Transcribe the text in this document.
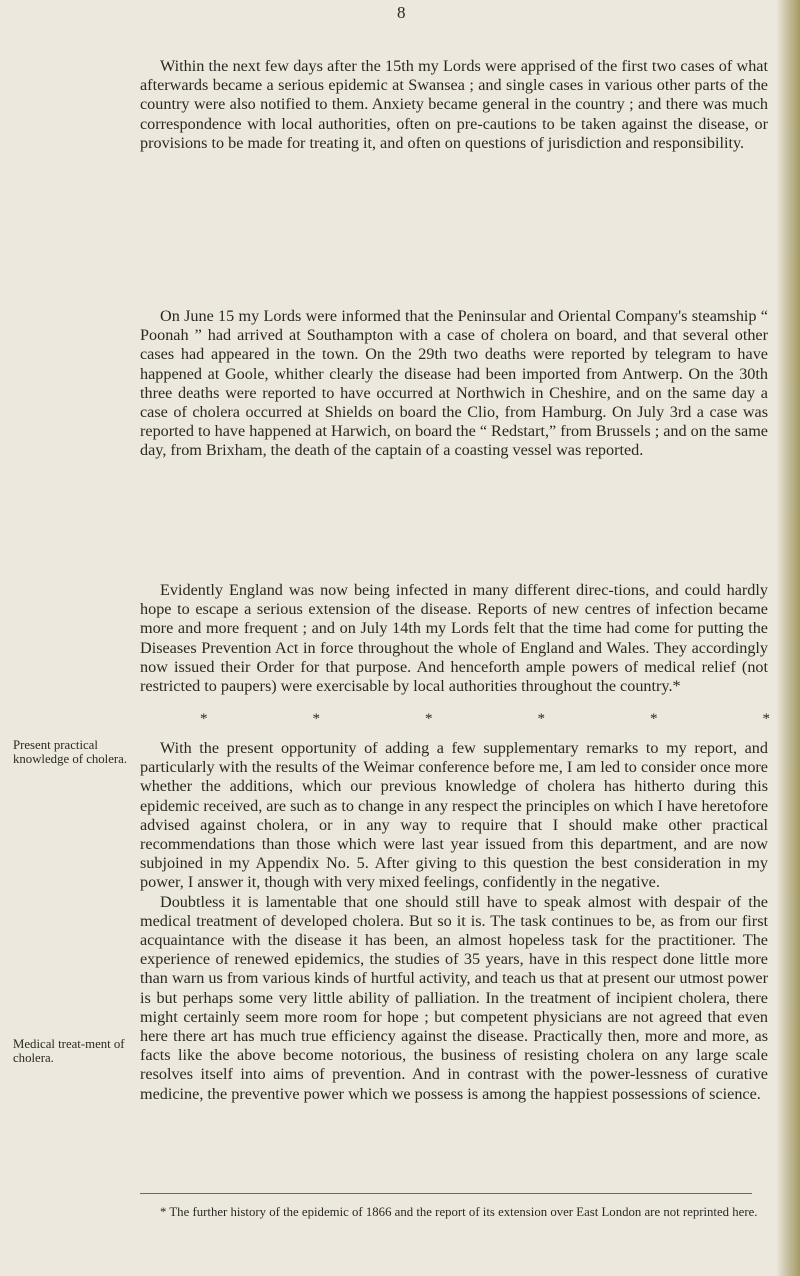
8

Within the next few days after the 15th my Lords were apprised of the first two cases of what afterwards became a serious epidemic at Swansea ; and single cases in various other parts of the country were also notified to them. Anxiety became general in the country ; and there was much correspondence with local authorities, often on pre-cautions to be taken against the disease, or provisions to be made for treating it, and often on questions of jurisdiction and responsibility.

On June 15 my Lords were informed that the Peninsular and Oriental Company's steamship “ Poonah ” had arrived at Southampton with a case of cholera on board, and that several other cases had appeared in the town. On the 29th two deaths were reported by telegram to have happened at Goole, whither clearly the disease had been imported from Antwerp. On the 30th three deaths were reported to have occurred at Northwich in Cheshire, and on the same day a case of cholera occurred at Shields on board the Clio, from Hamburg. On July 3rd a case was reported to have happened at Harwich, on board the “ Redstart,” from Brussels ; and on the same day, from Brixham, the death of the captain of a coasting vessel was reported.

Evidently England was now being infected in many different direc-tions, and could hardly hope to escape a serious extension of the disease. Reports of new centres of infection became more and more frequent ; and on July 14th my Lords felt that the time had come for putting the Diseases Prevention Act in force throughout the whole of England and Wales. They accordingly now issued their Order for that purpose. And henceforth ample powers of medical relief (not restricted to paupers) were exercisable by local authorities throughout the country.*

*	*	*	*	*	*
Present practical knowledge of cholera.
Medical treat-ment of cholera.

With the present opportunity of adding a few supplementary remarks to my report, and particularly with the results of the Weimar conference before me, I am led to consider once more whether the additions, which our previous knowledge of cholera has hitherto during this epidemic received, are such as to change in any respect the principles on which I have heretofore advised against cholera, or in any way to require that I should make other practical recommendations than those which were last year issued from this department, and are now subjoined in my Appendix No. 5. After giving to this question the best consideration in my power, I answer it, though with very mixed feelings, confidently in the negative.

Doubtless it is lamentable that one should still have to speak almost with despair of the medical treatment of developed cholera. But so it is. The task continues to be, as from our first acquaintance with the disease it has been, an almost hopeless task for the practitioner. The experience of renewed epidemics, the studies of 35 years, have in this respect done little more than warn us from various kinds of hurtful activity, and teach us that at present our utmost power is but perhaps some very little ability of palliation. In the treatment of incipient cholera, there might certainly seem more room for hope ; but competent physicians are not agreed that even here there art has much true efficiency against the disease. Practically then, more and more, as facts like the above become notorious, the business of resisting cholera on any large scale resolves itself into aims of prevention. And in contrast with the power-lessness of curative medicine, the preventive power which we possess is among the happiest possessions of science.

* The further history of the epidemic of 1866 and the report of its extension over East London are not reprinted here.
